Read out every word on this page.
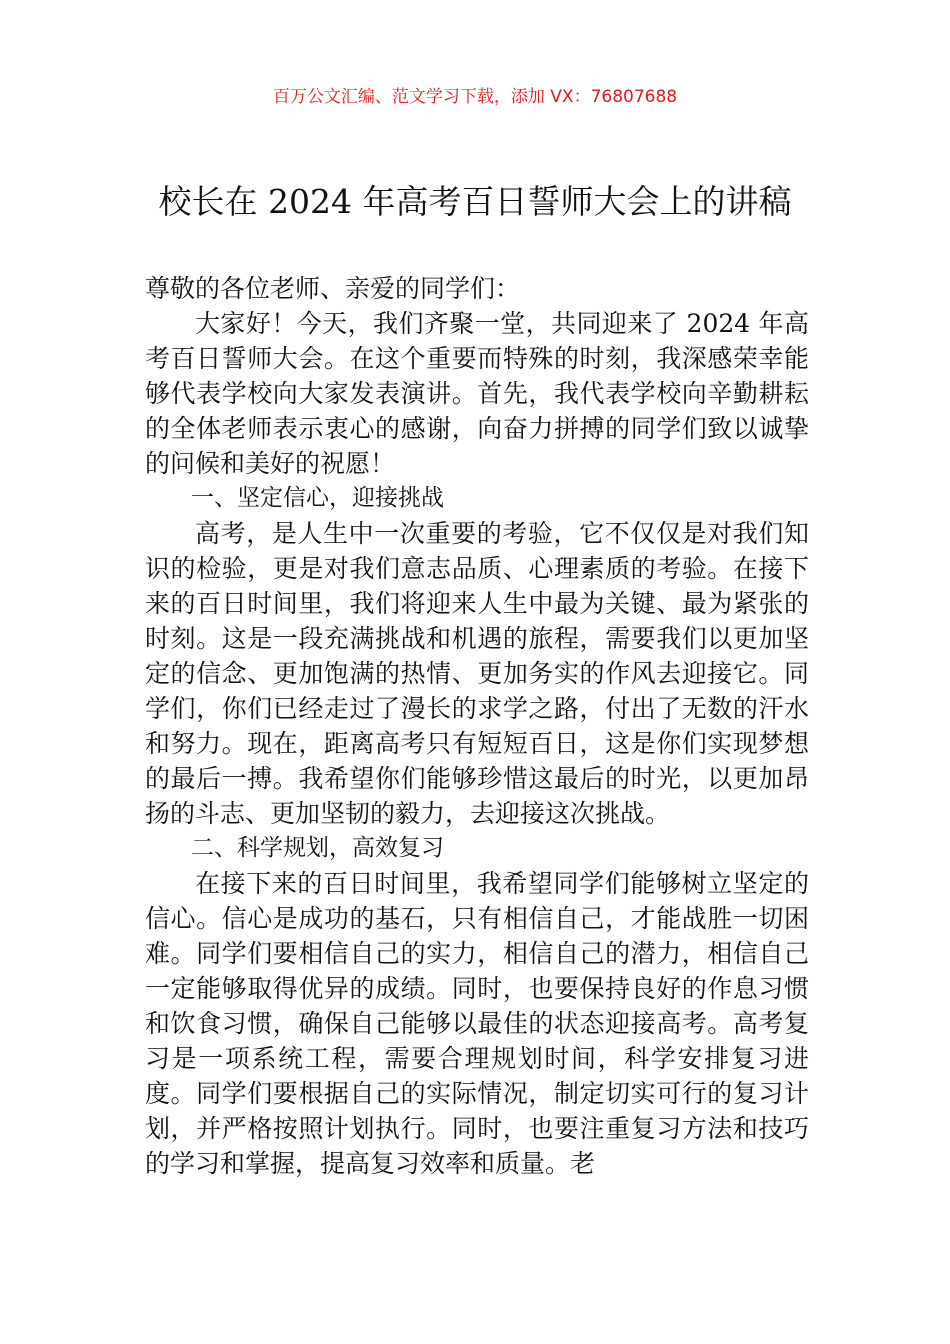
百万公文汇编、范文学习下载，添加 VX：76807688
校长在 2024 年高考百日誓师大会上的讲稿

尊敬的各位老师、亲爱的同学们：

大家好！今天，我们齐聚一堂，共同迎来了 2024 年高考百日誓师大会。在这个重要而特殊的时刻，我深感荣幸能够代表学校向大家发表演讲。首先，我代表学校向辛勤耕耘的全体老师表示衷心的感谢，向奋力拼搏的同学们致以诚挚的问候和美好的祝愿！

一、坚定信心，迎接挑战

高考，是人生中一次重要的考验，它不仅仅是对我们知识的检验，更是对我们意志品质、心理素质的考验。在接下来的百日时间里，我们将迎来人生中最为关键、最为紧张的时刻。这是一段充满挑战和机遇的旅程，需要我们以更加坚定的信念、更加饱满的热情、更加务实的作风去迎接它。同学们，你们已经走过了漫长的求学之路，付出了无数的汗水和努力。现在，距离高考只有短短百日，这是你们实现梦想的最后一搏。我希望你们能够珍惜这最后的时光，以更加昂扬的斗志、更加坚韧的毅力，去迎接这次挑战。

二、科学规划，高效复习

在接下来的百日时间里，我希望同学们能够树立坚定的信心。信心是成功的基石，只有相信自己，才能战胜一切困难。同学们要相信自己的实力，相信自己的潜力，相信自己一定能够取得优异的成绩。同时，也要保持良好的作息习惯和饮食习惯，确保自己能够以最佳的状态迎接高考。高考复习是一项系统工程，需要合理规划时间，科学安排复习进度。同学们要根据自己的实际情况，制定切实可行的复习计划，并严格按照计划执行。同时，也要注重复习方法和技巧的学习和掌握，提高复习效率和质量。老
